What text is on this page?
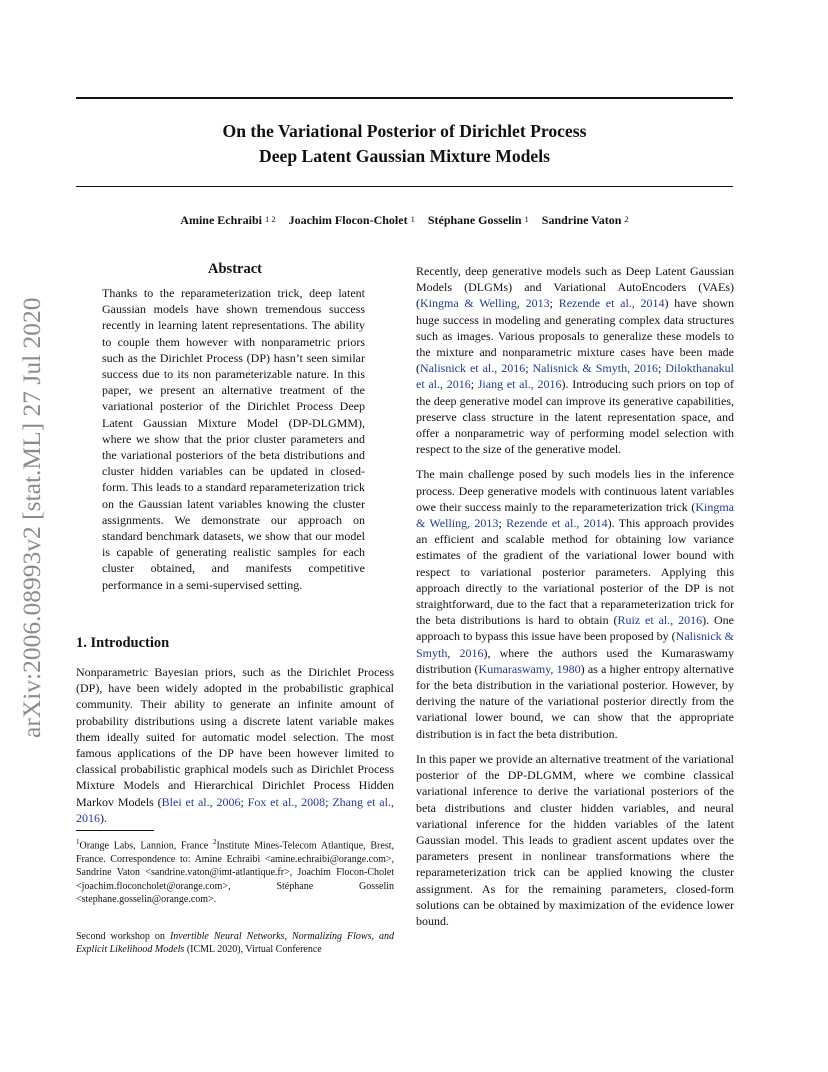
On the Variational Posterior of Dirichlet Process
Deep Latent Gaussian Mixture Models
Amine Echraibi $^{1 2}$ Joachim Flocon-Cholet $^1$ Stéphane Gosselin $^1$ Sandrine Vaton $^2$
arXiv:2006.08993v2 [stat.ML] 27 Jul 2020
Abstract
Thanks to the reparameterization trick, deep latent Gaussian models have shown tremendous success recently in learning latent representations. The ability to couple them however with nonparametric priors such as the Dirichlet Process (DP) hasn’t seen similar success due to its non parameterizable nature. In this paper, we present an alternative treatment of the variational posterior of the Dirichlet Process Deep Latent Gaussian Mixture Model (DP-DLGMM), where we show that the prior cluster parameters and the variational posteriors of the beta distributions and cluster hidden variables can be updated in closed-form. This leads to a standard reparameterization trick on the Gaussian latent variables knowing the cluster assignments. We demonstrate our approach on standard benchmark datasets, we show that our model is capable of generating realistic samples for each cluster obtained, and manifests competitive performance in a semi-supervised setting.
1. Introduction

Nonparametric Bayesian priors, such as the Dirichlet Process (DP), have been widely adopted in the probabilistic graphical community. Their ability to generate an infinite amount of probability distributions using a discrete latent variable makes them ideally suited for automatic model selection. The most famous applications of the DP have been however limited to classical probabilistic graphical models such as Dirichlet Process Mixture Models and Hierarchical Dirichlet Process Hidden Markov Models (Blei et al., 2006; Fox et al., 2008; Zhang et al., 2016).

$^1$Orange Labs, Lannion, France $^2$Institute Mines-Telecom Atlantique, Brest, France. Correspondence to: Amine Echraibi <amine.echraibi@orange.com>, Sandrine Vaton <sandrine.vaton@imt-atlantique.fr>, Joachim Flocon-Cholet <joachim.floconcholet@orange.com>, Stéphane Gosselin <stephane.gosselin@orange.com>.
Second workshop on Invertible Neural Networks, Normalizing Flows, and Explicit Likelihood Models (ICML 2020), Virtual Conference

Recently, deep generative models such as Deep Latent Gaussian Models (DLGMs) and Variational AutoEncoders (VAEs) (Kingma & Welling, 2013; Rezende et al., 2014) have shown huge success in modeling and generating complex data structures such as images. Various proposals to generalize these models to the mixture and nonparametric mixture cases have been made (Nalisnick et al., 2016; Nalisnick & Smyth, 2016; Dilokthanakul et al., 2016; Jiang et al., 2016). Introducing such priors on top of the deep generative model can improve its generative capabilities, preserve class structure in the latent representation space, and offer a nonparametric way of performing model selection with respect to the size of the generative model.

The main challenge posed by such models lies in the inference process. Deep generative models with continuous latent variables owe their success mainly to the reparameterization trick (Kingma & Welling, 2013; Rezende et al., 2014). This approach provides an efficient and scalable method for obtaining low variance estimates of the gradient of the variational lower bound with respect to variational posterior parameters. Applying this approach directly to the variational posterior of the DP is not straightforward, due to the fact that a reparameterization trick for the beta distributions is hard to obtain (Ruiz et al., 2016). One approach to bypass this issue have been proposed by (Nalisnick & Smyth, 2016), where the authors used the Kumaraswamy distribution (Kumaraswamy, 1980) as a higher entropy alternative for the beta distribution in the variational posterior. However, by deriving the nature of the variational posterior directly from the variational lower bound, we can show that the appropriate distribution is in fact the beta distribution.

In this paper we provide an alternative treatment of the variational posterior of the DP-DLGMM, where we combine classical variational inference to derive the variational posteriors of the beta distributions and cluster hidden variables, and neural variational inference for the hidden variables of the latent Gaussian model. This leads to gradient ascent updates over the parameters present in nonlinear transformations where the reparameterization trick can be applied knowing the cluster assignment. As for the remaining parameters, closed-form solutions can be obtained by maximization of the evidence lower bound.
